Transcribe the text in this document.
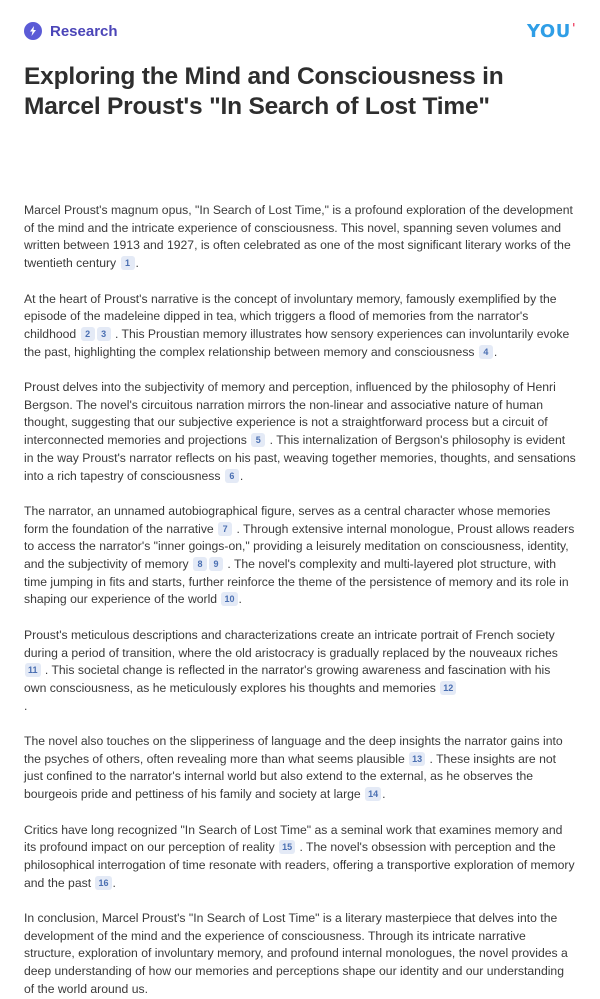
Research	YOU'
Exploring the Mind and Consciousness in Marcel Proust's "In Search of Lost Time"

Marcel Proust's magnum opus, "In Search of Lost Time," is a profound exploration of the development of the mind and the intricate experience of consciousness. This novel, spanning seven volumes and written between 1913 and 1927, is often celebrated as one of the most significant literary works of the twentieth century 1 .

At the heart of Proust's narrative is the concept of involuntary memory, famously exemplified by the episode of the madeleine dipped in tea, which triggers a flood of memories from the narrator's childhood 2 3 . This Proustian memory illustrates how sensory experiences can involuntarily evoke the past, highlighting the complex relationship between memory and consciousness 4 .

Proust delves into the subjectivity of memory and perception, influenced by the philosophy of Henri Bergson. The novel's circuitous narration mirrors the non-linear and associative nature of human thought, suggesting that our subjective experience is not a straightforward process but a circuit of interconnected memories and projections 5 . This internalization of Bergson's philosophy is evident in the way Proust's narrator reflects on his past, weaving together memories, thoughts, and sensations into a rich tapestry of consciousness 6 .

The narrator, an unnamed autobiographical figure, serves as a central character whose memories form the foundation of the narrative 7 . Through extensive internal monologue, Proust allows readers to access the narrator's "inner goings-on," providing a leisurely meditation on consciousness, identity, and the subjectivity of memory 8 9 . The novel's complexity and multi-layered plot structure, with time jumping in fits and starts, further reinforce the theme of the persistence of memory and its role in shaping our experience of the world 10 .

Proust's meticulous descriptions and characterizations create an intricate portrait of French society during a period of transition, where the old aristocracy is gradually replaced by the nouveaux riches 11 . This societal change is reflected in the narrator's growing awareness and fascination with his own consciousness, as he meticulously explores his thoughts and memories 12
.

The novel also touches on the slipperiness of language and the deep insights the narrator gains into the psyches of others, often revealing more than what seems plausible 13 . These insights are not just confined to the narrator's internal world but also extend to the external, as he observes the bourgeois pride and pettiness of his family and society at large 14 .

Critics have long recognized "In Search of Lost Time" as a seminal work that examines memory and its profound impact on our perception of reality 15 . The novel's obsession with perception and the philosophical interrogation of time resonate with readers, offering a transportive exploration of memory and the past 16 .

In conclusion, Marcel Proust's "In Search of Lost Time" is a literary masterpiece that delves into the development of the mind and the experience of consciousness. Through its intricate narrative structure, exploration of involuntary memory, and profound internal monologues, the novel provides a deep understanding of how our memories and perceptions shape our identity and our understanding of the world around us.
